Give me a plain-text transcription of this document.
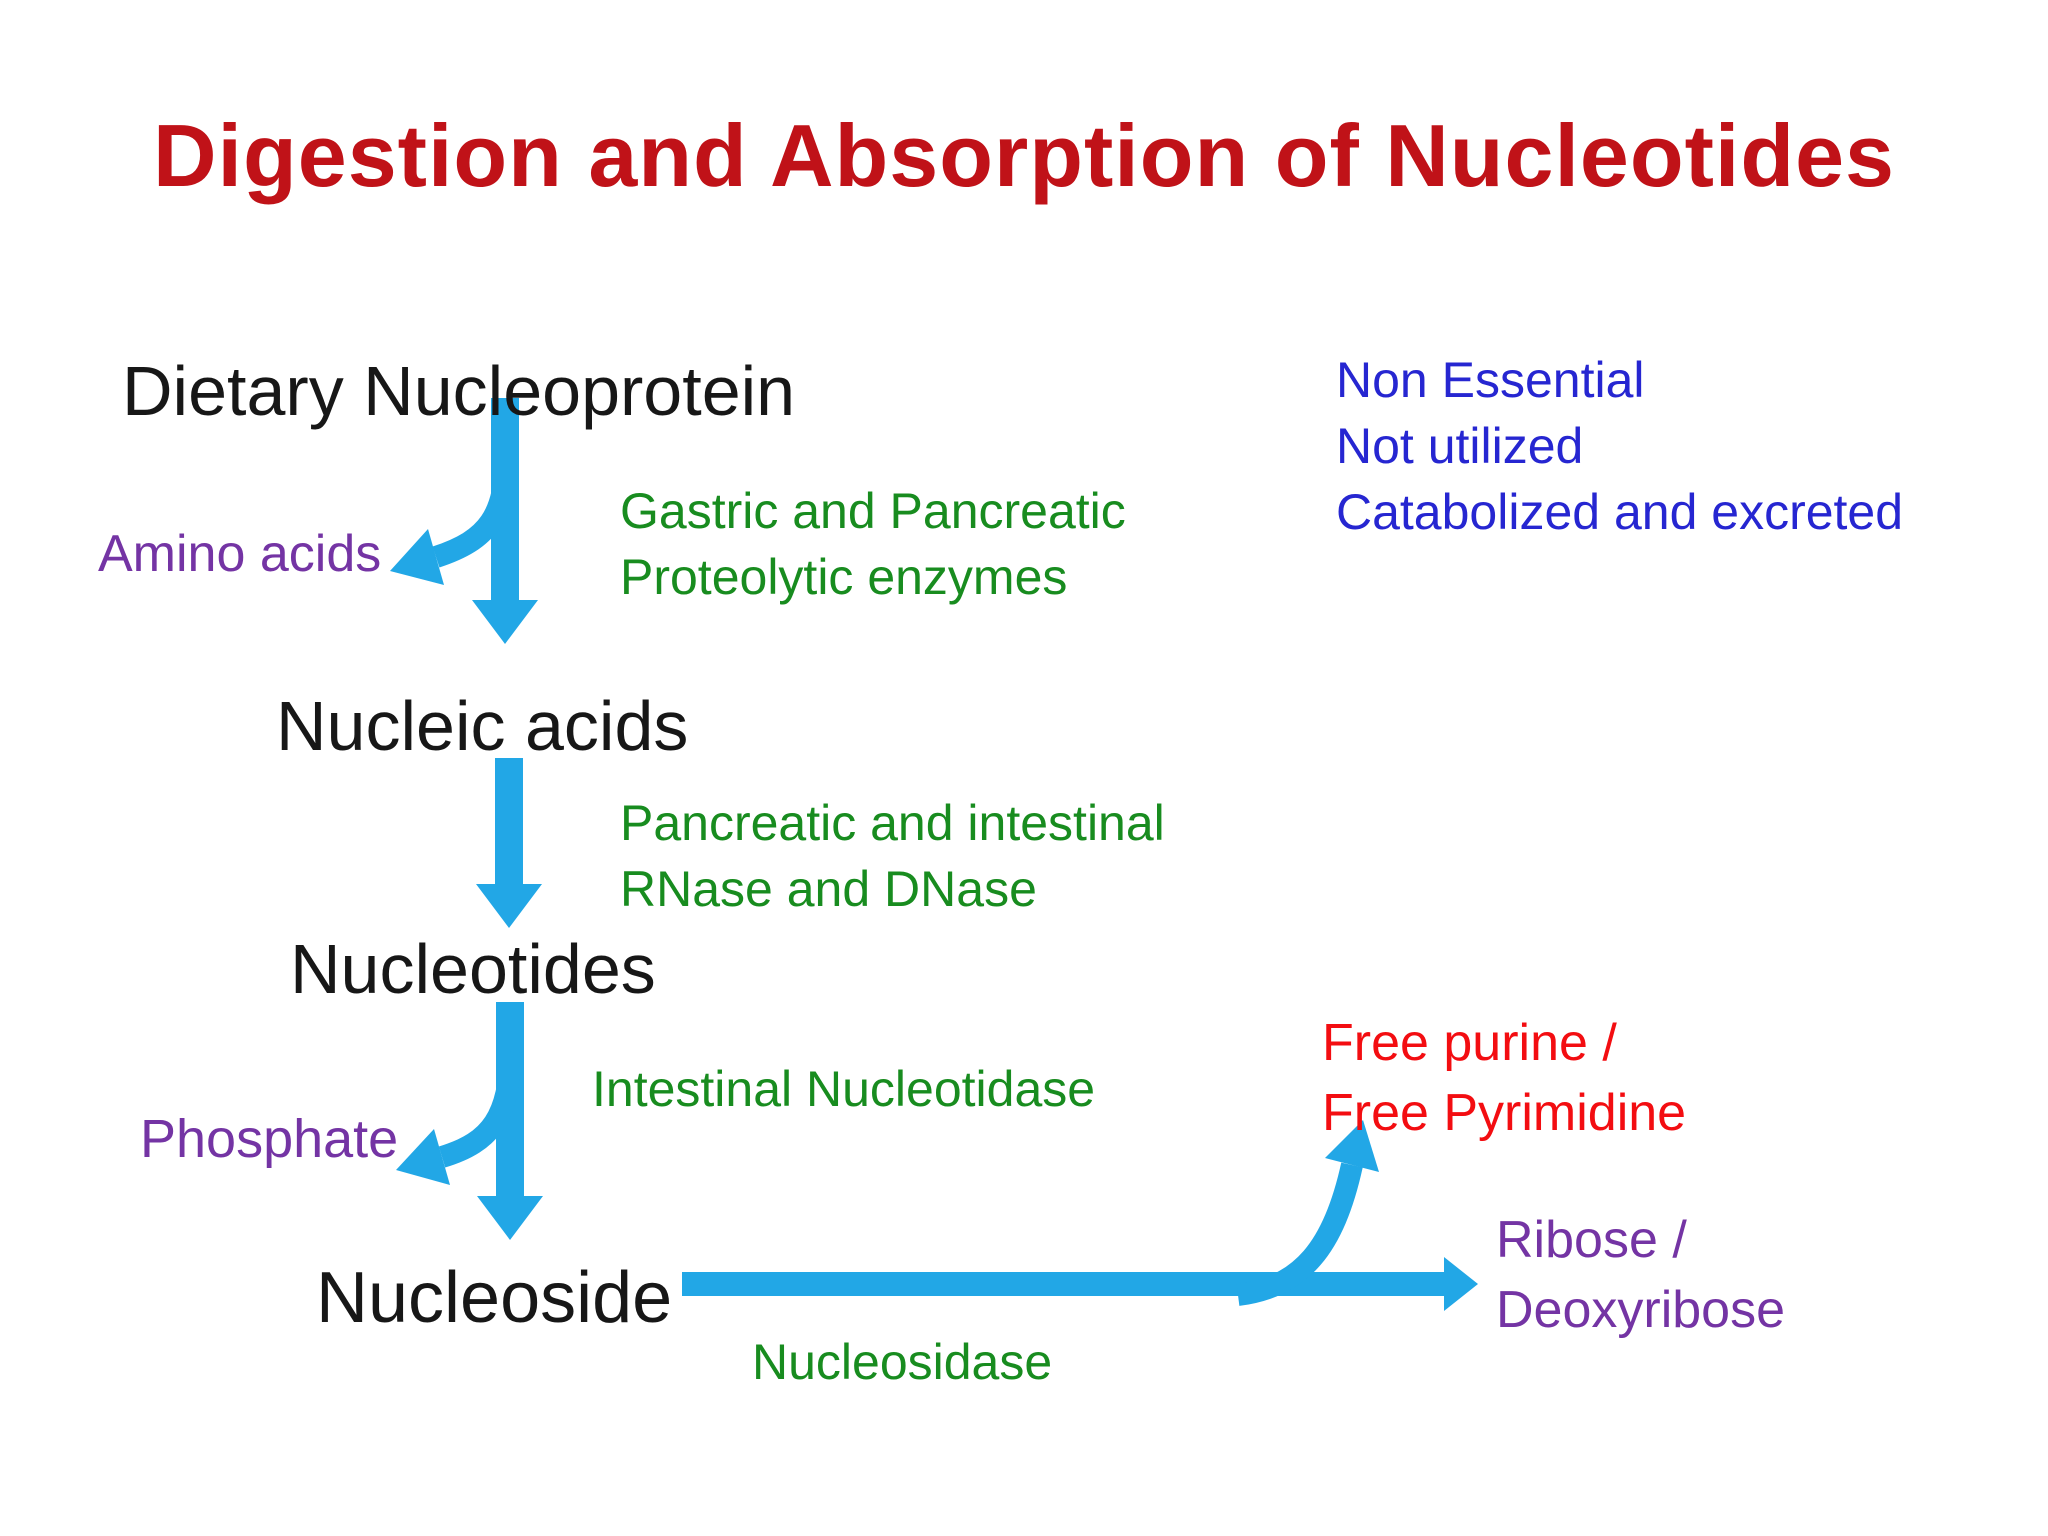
Digestion and Absorption of Nucleotides
Dietary Nucleoprotein
Nucleic acids
Nucleotides
Nucleoside
Amino acids
Phosphate
Free purine /
Free Pyrimidine
Ribose /
Deoxyribose
Gastric and Pancreatic
Proteolytic enzymes
Pancreatic and intestinal
RNase and DNase
Intestinal Nucleotidase
Nucleosidase
Non Essential
Not utilized
Catabolized and excreted
